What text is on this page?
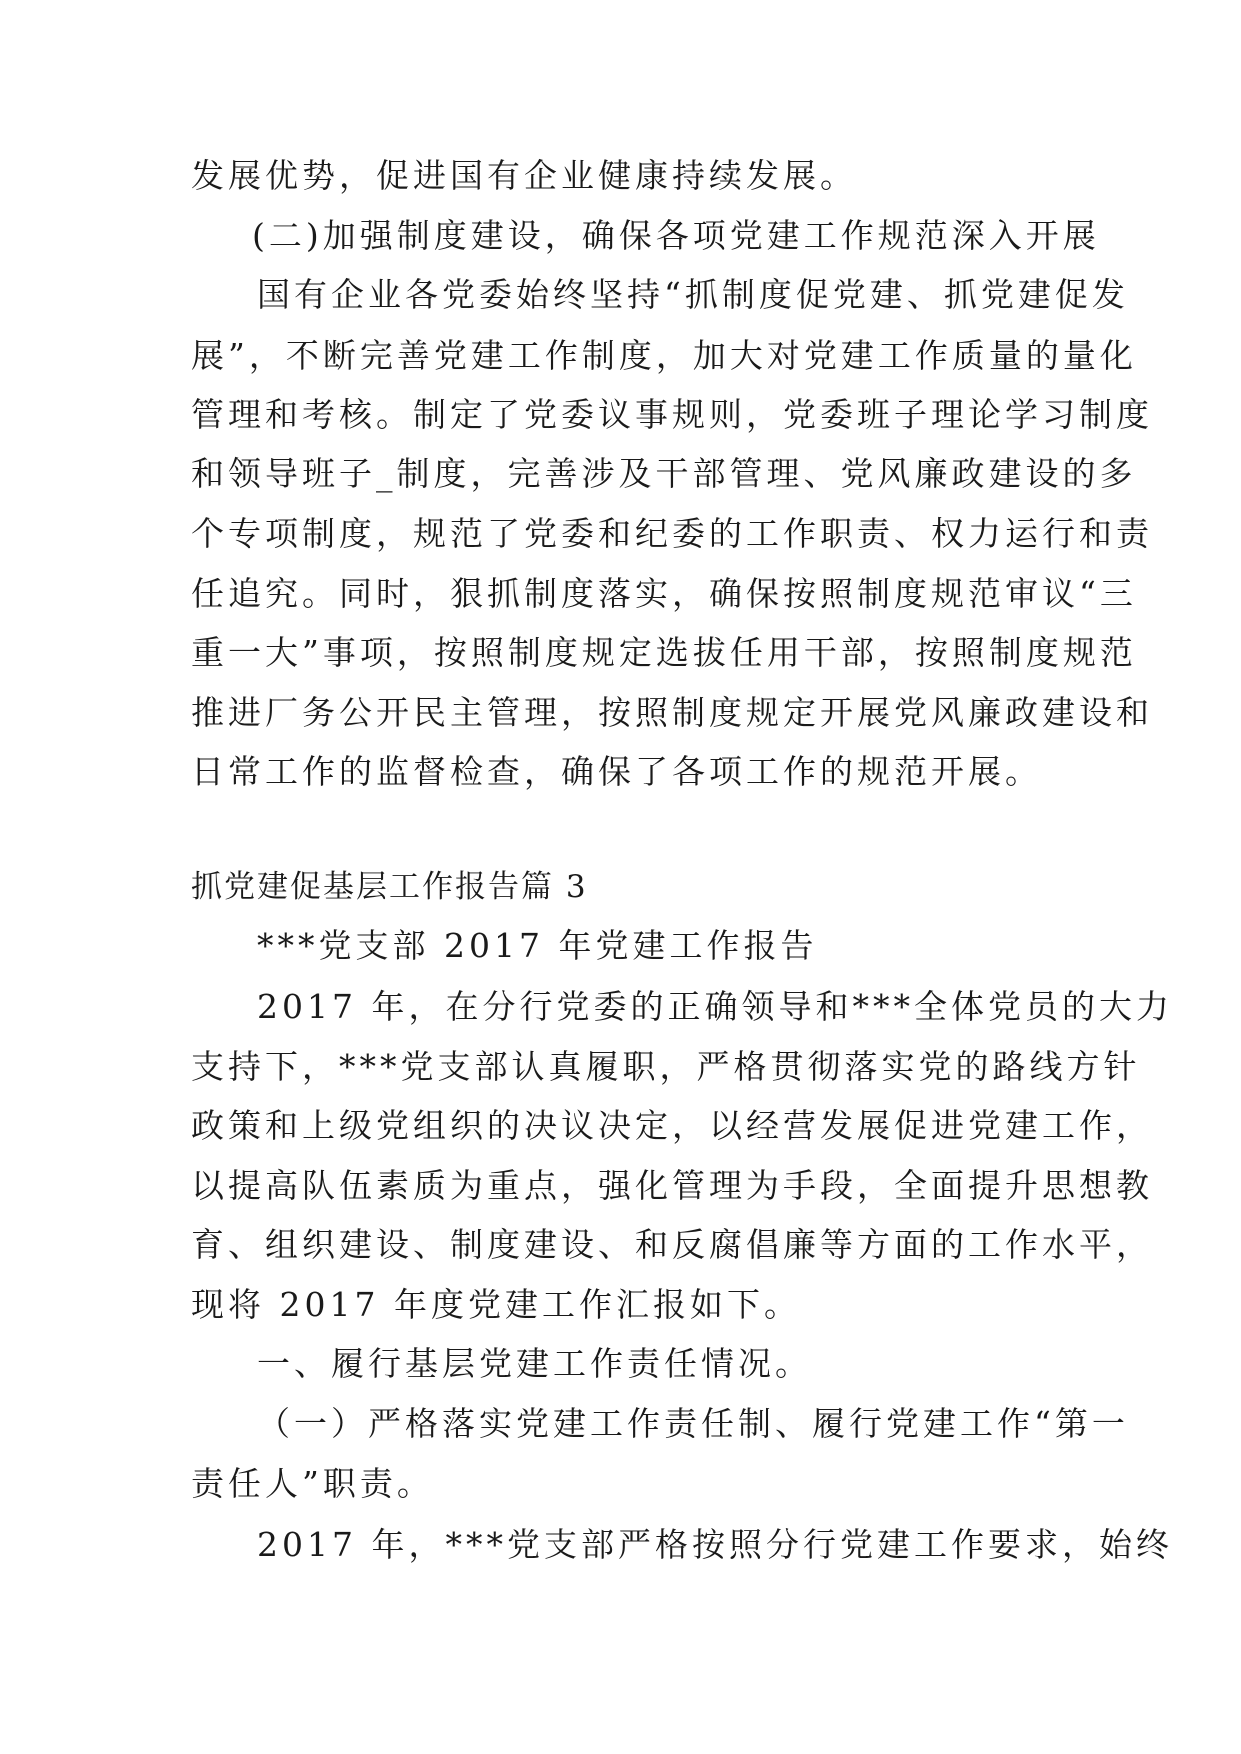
发展优势，促进国有企业健康持续发展。

(二)加强制度建设，确保各项党建工作规范深入开展

国有企业各党委始终坚持“抓制度促党建、抓党建促发

展”，不断完善党建工作制度，加大对党建工作质量的量化

管理和考核。制定了党委议事规则，党委班子理论学习制度

和领导班子_制度，完善涉及干部管理、党风廉政建设的多

个专项制度，规范了党委和纪委的工作职责、权力运行和责

任追究。同时，狠抓制度落实，确保按照制度规范审议“三

重一大”事项，按照制度规定选拔任用干部，按照制度规范

推进厂务公开民主管理，按照制度规定开展党风廉政建设和

日常工作的监督检查，确保了各项工作的规范开展。

抓党建促基层工作报告篇 3

***党支部 2017 年党建工作报告

2017 年，在分行党委的正确领导和***全体党员的大力

支持下，***党支部认真履职，严格贯彻落实党的路线方针

政策和上级党组织的决议决定，以经营发展促进党建工作，

以提高队伍素质为重点，强化管理为手段，全面提升思想教

育、组织建设、制度建设、和反腐倡廉等方面的工作水平，

现将 2017 年度党建工作汇报如下。

一、履行基层党建工作责任情况。

（一）严格落实党建工作责任制、履行党建工作“第一

责任人”职责。

2017 年，***党支部严格按照分行党建工作要求，始终
